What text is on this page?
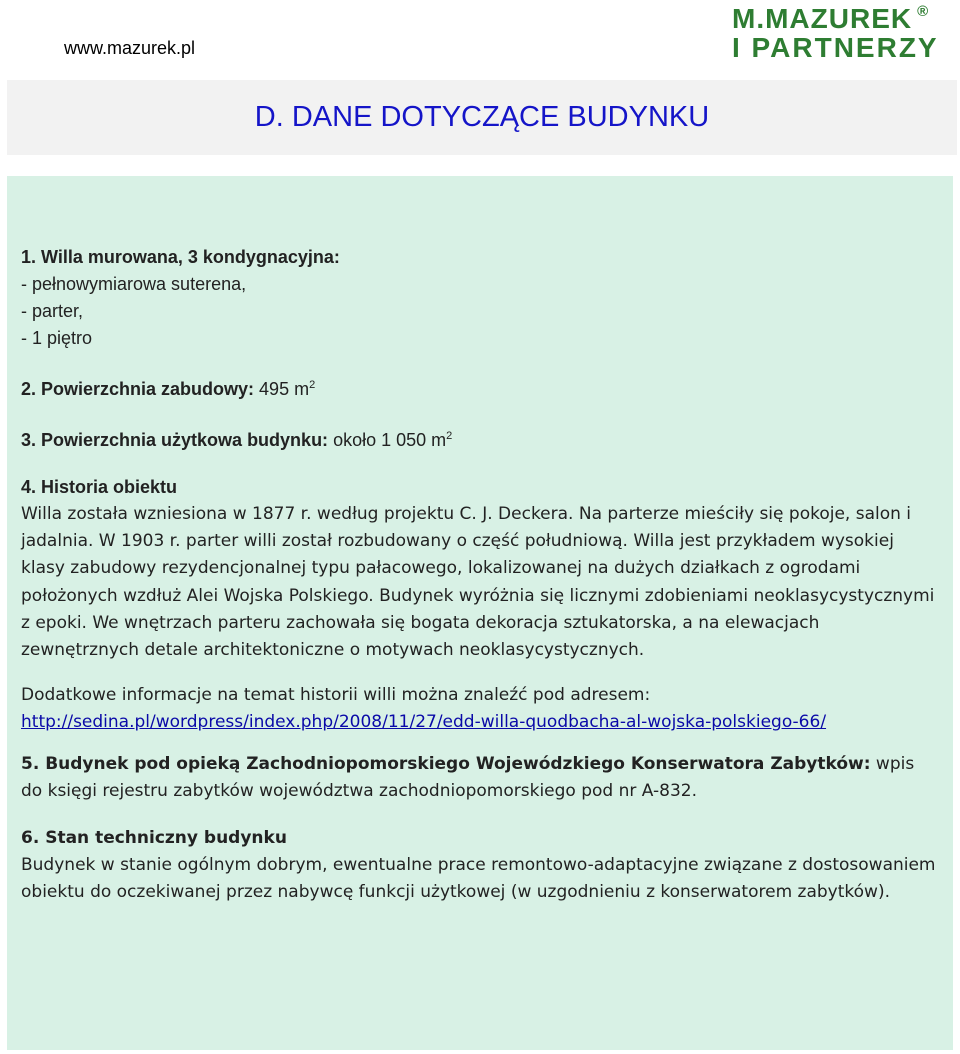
www.mazurek.pl
M.MAZUREK ®
I PARTNERZY
D. DANE DOTYCZĄCE BUDYNKU
1. Willa murowana, 3 kondygnacyjna:
- pełnowymiarowa suterena,
- parter,
- 1 piętro
2. Powierzchnia zabudowy: 495 $m^2$
3. Powierzchnia użytkowa budynku: około 1 050 $m^2$
4. Historia obiektu
Willa została wzniesiona w 1877 r. według projektu C. J. Deckera. Na parterze mieściły się pokoje, salon i jadalnia. W 1903 r. parter willi został rozbudowany o część południową. Willa jest przykładem wysokiej klasy zabudowy rezydencjonalnej typu pałacowego, lokalizowanej na dużych działkach z ogrodami położonych wzdłuż Alei Wojska Polskiego. Budynek wyróżnia się licznymi zdobieniami neoklasycystycznymi z epoki. We wnętrzach parteru zachowała się bogata dekoracja sztukatorska, a na elewacjach zewnętrznych detale architektoniczne o motywach neoklasycystycznych.
Dodatkowe informacje na temat historii willi można znaleźć pod adresem:
http://sedina.pl/wordpress/index.php/2008/11/27/edd-willa-quodbacha-al-wojska-polskiego-66/
5. Budynek pod opieką Zachodniopomorskiego Wojewódzkiego Konserwatora Zabytków: wpis do księgi rejestru zabytków województwa zachodniopomorskiego pod nr A-832.
6. Stan techniczny budynku
Budynek w stanie ogólnym dobrym, ewentualne prace remontowo-adaptacyjne związane z dostosowaniem obiektu do oczekiwanej przez nabywcę funkcji użytkowej (w uzgodnieniu z konserwatorem zabytków).
